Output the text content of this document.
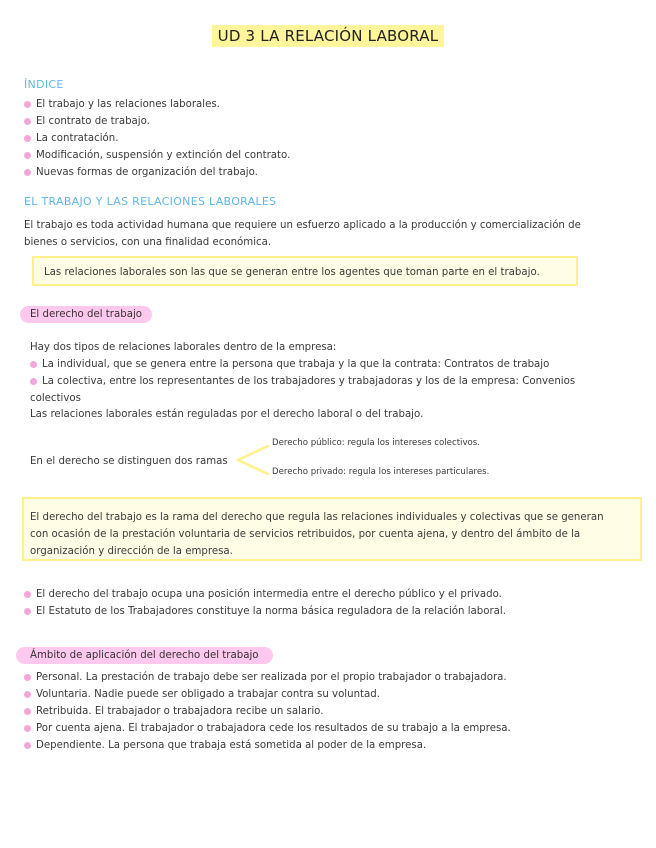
UD 3 LA RELACIÓN LABORAL
ÍNDICE
El trabajo y las relaciones laborales.
El contrato de trabajo.
La contratación.
Modificación, suspensión y extinción del contrato.
Nuevas formas de organización del trabajo.
EL TRABAJO Y LAS RELACIONES LABORALES
El trabajo es toda actividad humana que requiere un esfuerzo aplicado a la producción y comercialización de
bienes o servicios, con una finalidad económica.
Las relaciones laborales son las que se generan entre los agentes que toman parte en el trabajo.
El derecho del trabajo
Hay dos tipos de relaciones laborales dentro de la empresa:
La individual, que se genera entre la persona que trabaja y la que la contrata: Contratos de trabajo
La colectiva, entre los representantes de los trabajadores y trabajadoras y los de la empresa: Convenios
colectivos
Las relaciones laborales están reguladas por el derecho laboral o del trabajo.
En el derecho se distinguen dos ramas
Derecho público: regula los intereses colectivos.
Derecho privado: regula los intereses particulares.
El derecho del trabajo es la rama del derecho que regula las relaciones individuales y colectivas que se generan
con ocasión de la prestación voluntaria de servicios retribuidos, por cuenta ajena, y dentro del ámbito de la
organización y dirección de la empresa.
El derecho del trabajo ocupa una posición intermedia entre el derecho público y el privado.
El Estatuto de los Trabajadores constituye la norma básica reguladora de la relación laboral.
Ámbito de aplicación del derecho del trabajo
Personal. La prestación de trabajo debe ser realizada por el propio trabajador o trabajadora.
Voluntaria. Nadie puede ser obligado a trabajar contra su voluntad.
Retribuida. El trabajador o trabajadora recibe un salario.
Por cuenta ajena. El trabajador o trabajadora cede los resultados de su trabajo a la empresa.
Dependiente. La persona que trabaja está sometida al poder de la empresa.
